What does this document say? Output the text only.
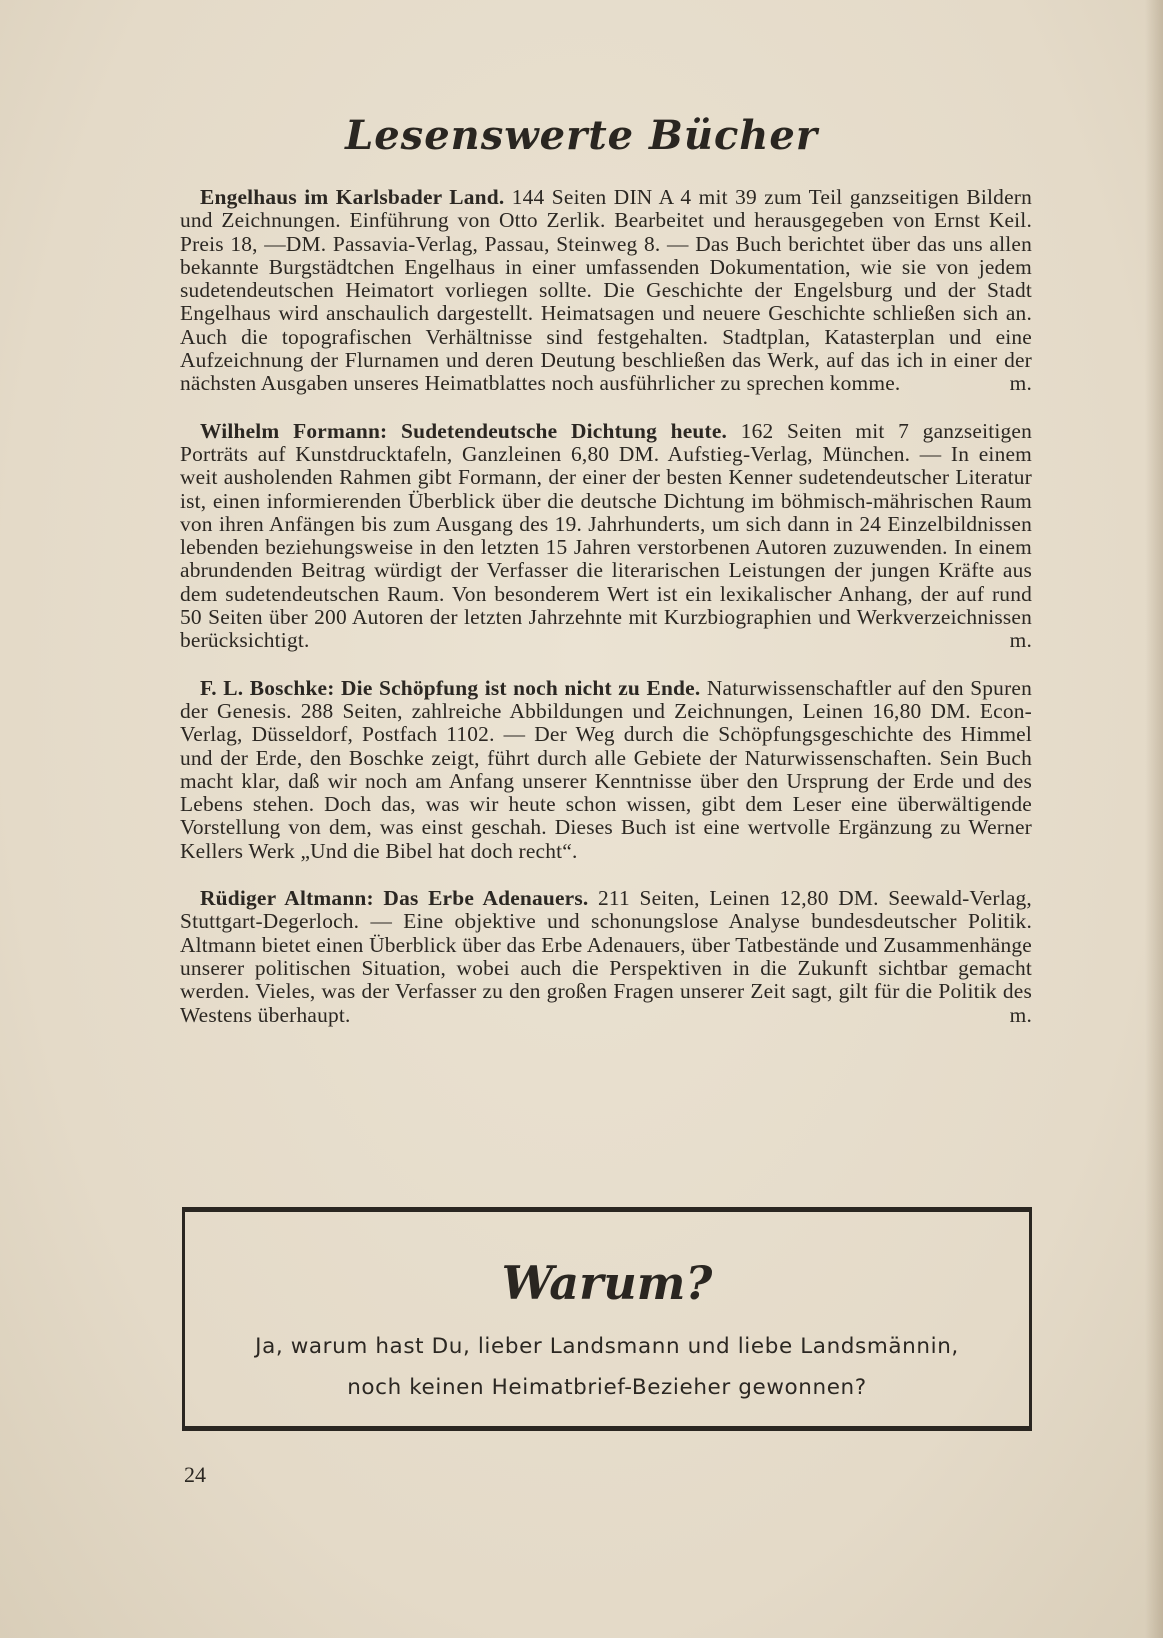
Lesenswerte Bücher

Engelhaus im Karlsbader Land. 144 Seiten DIN A 4 mit 39 zum Teil ganzseitigen Bildern und Zeichnungen. Einführung von Otto Zerlik. Bearbeitet und herausgegeben von Ernst Keil. Preis 18, —DM. Passavia-Verlag, Passau, Steinweg 8. — Das Buch berichtet über das uns allen bekannte Burgstädtchen Engelhaus in einer umfassenden Dokumentation, wie sie von jedem sudetendeutschen Heimatort vorliegen sollte. Die Geschichte der Engelsburg und der Stadt Engelhaus wird anschaulich dargestellt. Heimatsagen und neuere Geschichte schließen sich an. Auch die topografischen Verhältnisse sind festgehalten. Stadtplan, Katasterplan und eine Aufzeichnung der Flurnamen und deren Deutung beschließen das Werk, auf das ich in einer der nächsten Ausgaben unseres Heimatblattes noch ausführlicher zu sprechen komme.	m.

Wilhelm Formann: Sudetendeutsche Dichtung heute. 162 Seiten mit 7 ganzseitigen Porträts auf Kunstdrucktafeln, Ganzleinen 6,80 DM. Aufstieg-Verlag, München. — In einem weit ausholenden Rahmen gibt Formann, der einer der besten Kenner sudetendeutscher Literatur ist, einen informierenden Überblick über die deutsche Dichtung im böhmisch-mährischen Raum von ihren Anfängen bis zum Ausgang des 19. Jahrhunderts, um sich dann in 24 Einzelbildnissen lebenden beziehungsweise in den letzten 15 Jahren verstorbenen Autoren zuzuwenden. In einem abrundenden Beitrag würdigt der Verfasser die literarischen Leistungen der jungen Kräfte aus dem sudetendeutschen Raum. Von besonderem Wert ist ein lexikalischer Anhang, der auf rund 50 Seiten über 200 Autoren der letzten Jahrzehnte mit Kurzbiographien und Werkverzeichnissen berücksichtigt.	m.

F. L. Boschke: Die Schöpfung ist noch nicht zu Ende. Naturwissenschaftler auf den Spuren der Genesis. 288 Seiten, zahlreiche Abbildungen und Zeichnungen, Leinen 16,80 DM. Econ-Verlag, Düsseldorf, Postfach 1102. — Der Weg durch die Schöpfungsgeschichte des Himmel und der Erde, den Boschke zeigt, führt durch alle Gebiete der Naturwissenschaften. Sein Buch macht klar, daß wir noch am Anfang unserer Kenntnisse über den Ursprung der Erde und des Lebens stehen. Doch das, was wir heute schon wissen, gibt dem Leser eine überwältigende Vorstellung von dem, was einst geschah. Dieses Buch ist eine wertvolle Ergänzung zu Werner Kellers Werk „Und die Bibel hat doch recht“.

Rüdiger Altmann: Das Erbe Adenauers. 211 Seiten, Leinen 12,80 DM. Seewald-Verlag, Stuttgart-Degerloch. — Eine objektive und schonungslose Analyse bundesdeutscher Politik. Altmann bietet einen Überblick über das Erbe Adenauers, über Tatbestände und Zusammenhänge unserer politischen Situation, wobei auch die Perspektiven in die Zukunft sichtbar gemacht werden. Vieles, was der Verfasser zu den großen Fragen unserer Zeit sagt, gilt für die Politik des Westens überhaupt.	m.

Warum?
Ja, warum hast Du, lieber Landsmann und liebe Landsmännin,
noch keinen Heimatbrief-Bezieher gewonnen?
24
